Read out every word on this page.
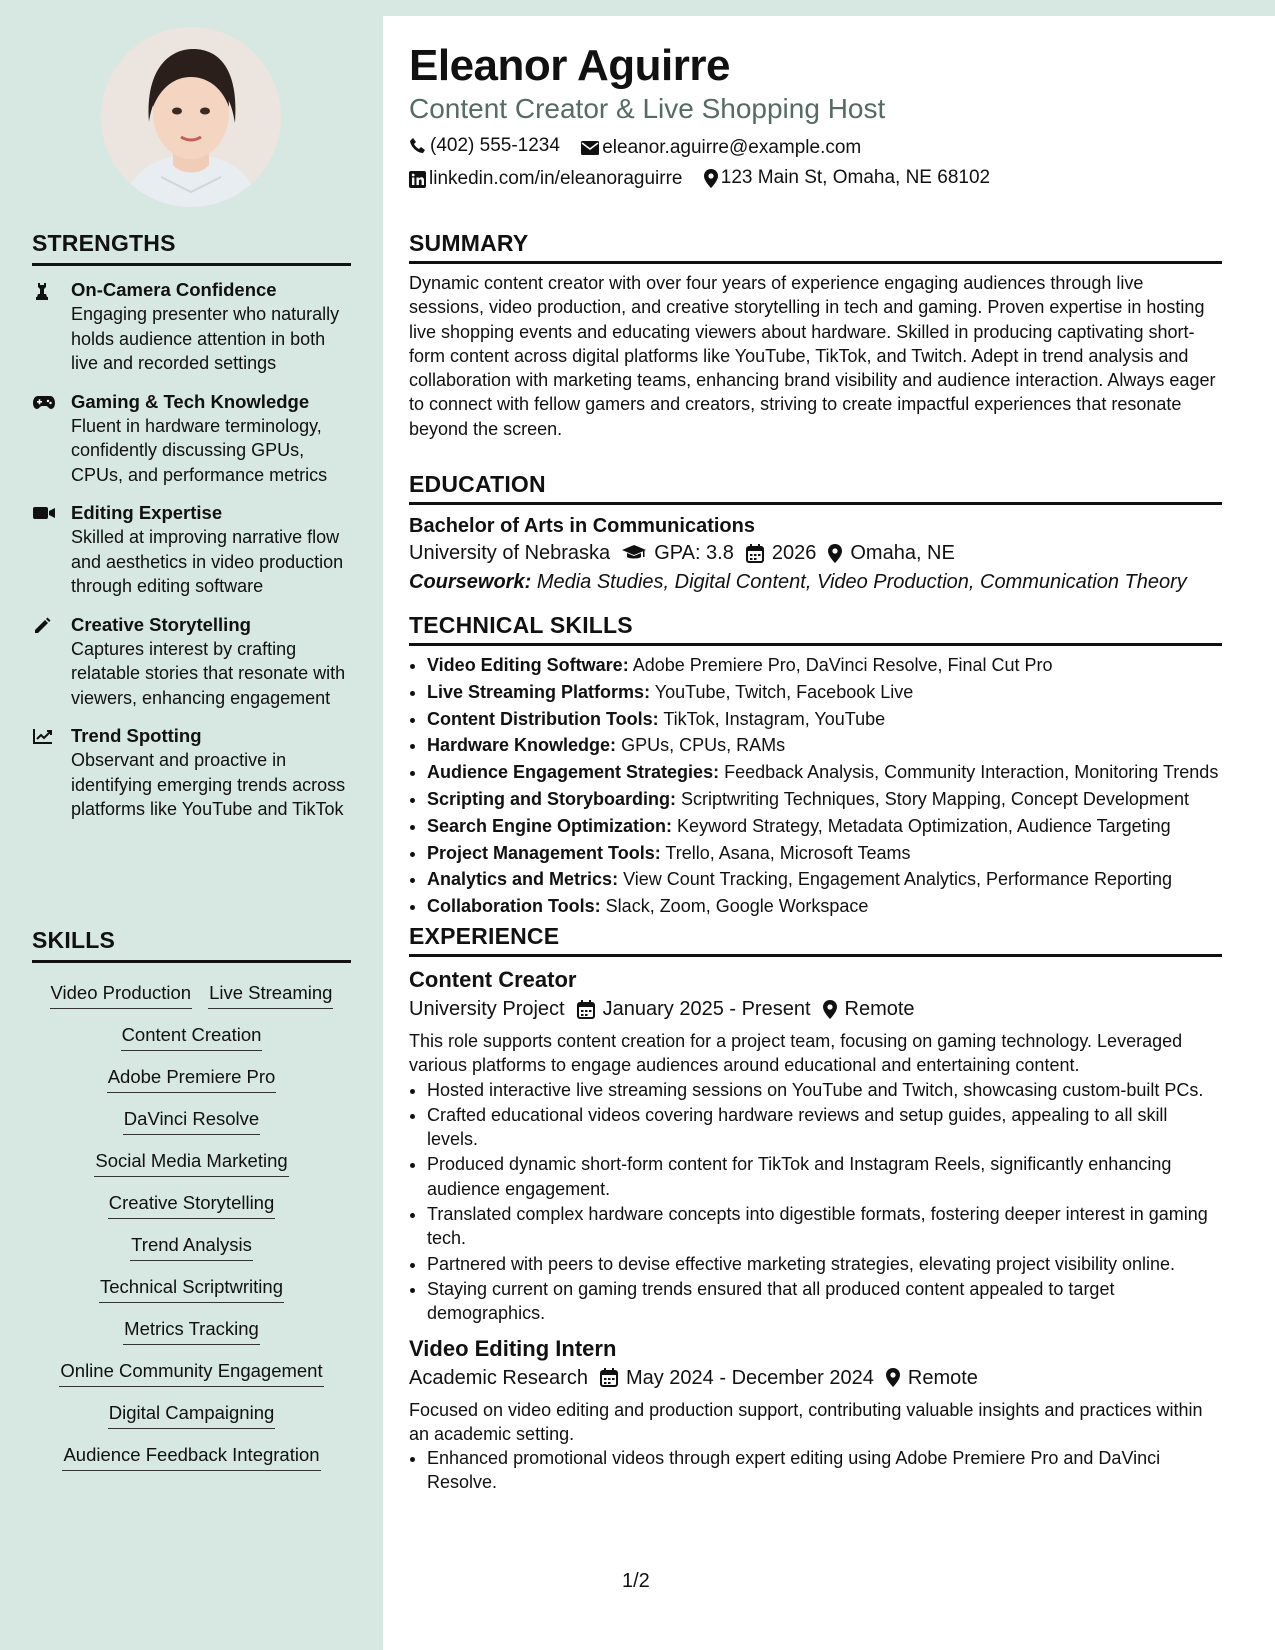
STRENGTHS
On-Camera Confidence
Engaging presenter who naturally holds audience attention in both live and recorded settings
Gaming & Tech Knowledge
Fluent in hardware terminology, confidently discussing GPUs, CPUs, and performance metrics
Editing Expertise
Skilled at improving narrative flow and aesthetics in video production through editing software
Creative Storytelling
Captures interest by crafting relatable stories that resonate with viewers, enhancing engagement
Trend Spotting
Observant and proactive in identifying emerging trends across platforms like YouTube and TikTok
SKILLS
Video Production Live Streaming
Content Creation
Adobe Premiere Pro
DaVinci Resolve
Social Media Marketing
Creative Storytelling
Trend Analysis
Technical Scriptwriting
Metrics Tracking
Online Community Engagement
Digital Campaigning
Audience Feedback Integration
Eleanor Aguirre
Content Creator & Live Shopping Host
(402) 555-1234
eleanor.aguirre@example.com
linkedin.com/in/eleanoraguirre
123 Main St, Omaha, NE 68102
SUMMARY
Dynamic content creator with over four years of experience engaging audiences through live sessions, video production, and creative storytelling in tech and gaming. Proven expertise in hosting live shopping events and educating viewers about hardware. Skilled in producing captivating short-form content across digital platforms like YouTube, TikTok, and Twitch. Adept in trend analysis and collaboration with marketing teams, enhancing brand visibility and audience interaction. Always eager to connect with fellow gamers and creators, striving to create impactful experiences that resonate beyond the screen.
EDUCATION
Bachelor of Arts in Communications
University of Nebraska GPA: 3.8 2026 Omaha, NE
Coursework: Media Studies, Digital Content, Video Production, Communication Theory
TECHNICAL SKILLS
• Video Editing Software: Adobe Premiere Pro, DaVinci Resolve, Final Cut Pro
• Live Streaming Platforms: YouTube, Twitch, Facebook Live
• Content Distribution Tools: TikTok, Instagram, YouTube
• Hardware Knowledge: GPUs, CPUs, RAMs
• Audience Engagement Strategies: Feedback Analysis, Community Interaction, Monitoring Trends
• Scripting and Storyboarding: Scriptwriting Techniques, Story Mapping, Concept Development
• Search Engine Optimization: Keyword Strategy, Metadata Optimization, Audience Targeting
• Project Management Tools: Trello, Asana, Microsoft Teams
• Analytics and Metrics: View Count Tracking, Engagement Analytics, Performance Reporting
• Collaboration Tools: Slack, Zoom, Google Workspace
EXPERIENCE
Content Creator
University Project January 2025 - Present Remote
This role supports content creation for a project team, focusing on gaming technology. Leveraged various platforms to engage audiences around educational and entertaining content.
• Hosted interactive live streaming sessions on YouTube and Twitch, showcasing custom-built PCs.
• Crafted educational videos covering hardware reviews and setup guides, appealing to all skill levels.
• Produced dynamic short-form content for TikTok and Instagram Reels, significantly enhancing audience engagement.
• Translated complex hardware concepts into digestible formats, fostering deeper interest in gaming tech.
• Partnered with peers to devise effective marketing strategies, elevating project visibility online.
• Staying current on gaming trends ensured that all produced content appealed to target demographics.
Video Editing Intern
Academic Research May 2024 - December 2024 Remote
Focused on video editing and production support, contributing valuable insights and practices within an academic setting.
• Enhanced promotional videos through expert editing using Adobe Premiere Pro and DaVinci Resolve.
1/2
